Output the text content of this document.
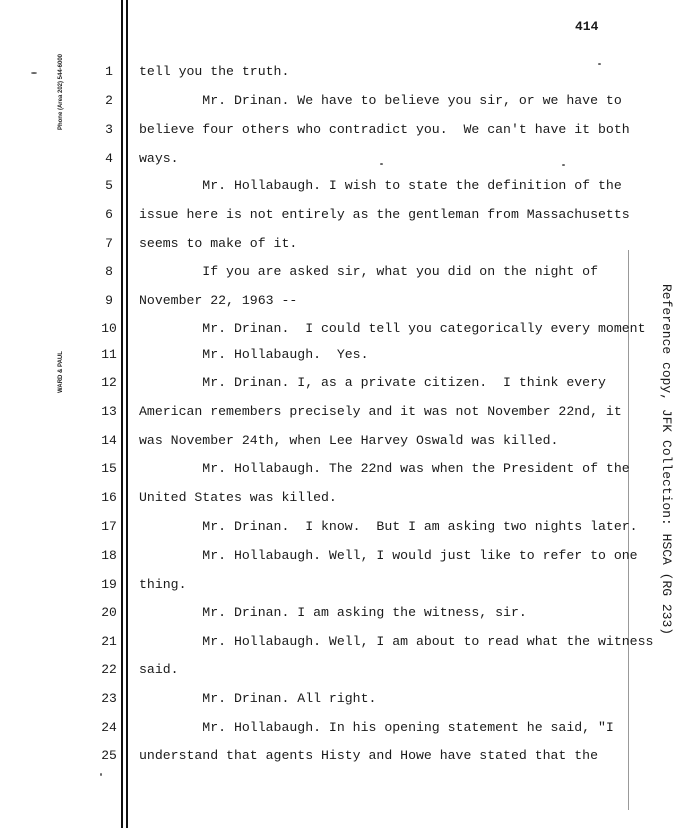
414
Phone (Area 202) 544-6000
WARD & PAUL	Reference copy, JFK Collection: HSCA (RG 233)
1	tell you the truth.
2	Mr. Drinan. We have to believe you sir, or we have to
3	believe four others who contradict you.  We can't have it both
4	ways.
5	Mr. Hollabaugh. I wish to state the definition of the
6	issue here is not entirely as the gentleman from Massachusetts
7	seems to make of it.
8	If you are asked sir, what you did on the night of
9	November 22, 1963 --
10	Mr. Drinan.  I could tell you categorically every moment
11	Mr. Hollabaugh.  Yes.
12	Mr. Drinan. I, as a private citizen.  I think every
13	American remembers precisely and it was not November 22nd, it
14	was November 24th, when Lee Harvey Oswald was killed.
15	Mr. Hollabaugh. The 22nd was when the President of the
16	United States was killed.
17	Mr. Drinan.  I know.  But I am asking two nights later.
18	Mr. Hollabaugh. Well, I would just like to refer to one
19	thing.
20	Mr. Drinan. I am asking the witness, sir.
21	Mr. Hollabaugh. Well, I am about to read what the witness
22	said.
23	Mr. Drinan. All right.
24	Mr. Hollabaugh. In his opening statement he said, "I
25	understand that agents Histy and Howe have stated that the
